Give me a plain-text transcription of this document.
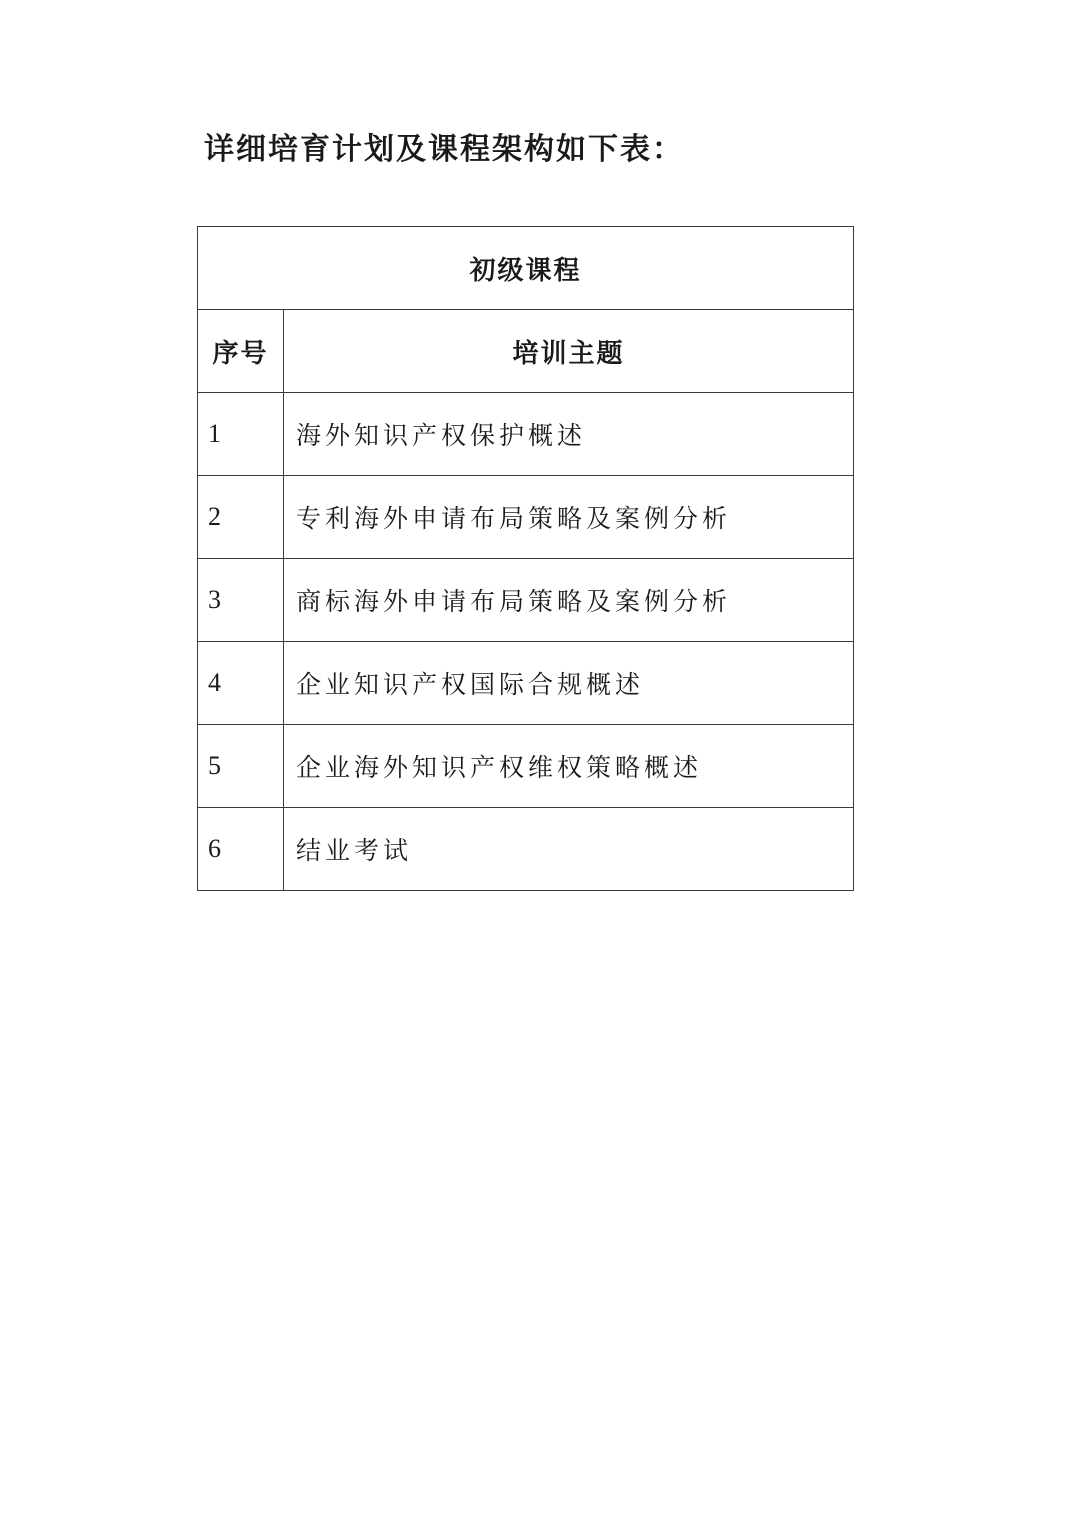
详细培育计划及课程架构如下表：
初级课程	
序号	培训主题
1	海外知识产权保护概述
2	专利海外申请布局策略及案例分析
3	商标海外申请布局策略及案例分析
4	企业知识产权国际合规概述
5	企业海外知识产权维权策略概述
6	结业考试
